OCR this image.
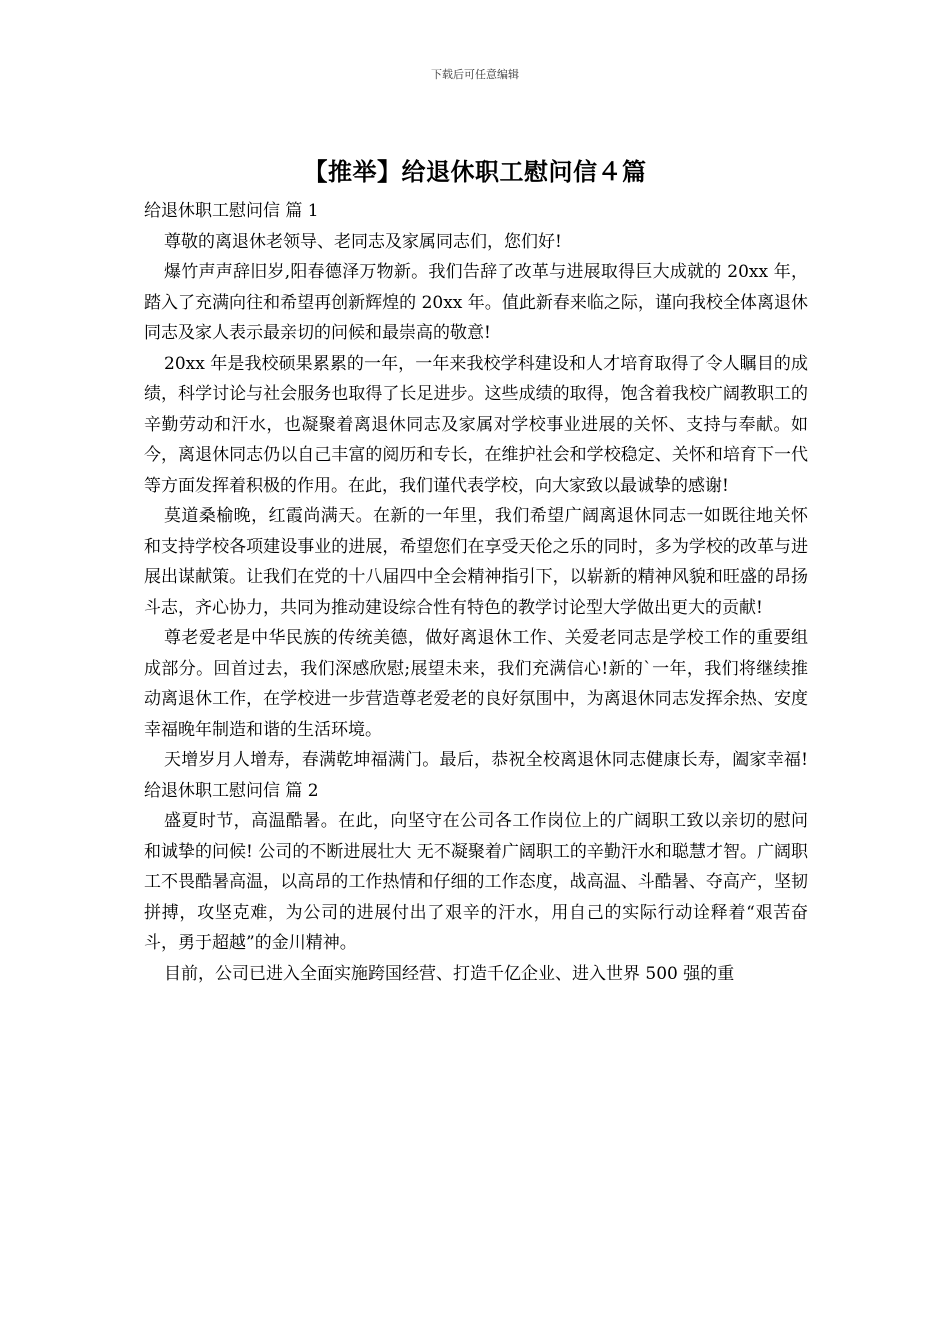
下载后可任意编辑
【推举】给退休职工慰问信４篇

给退休职工慰问信 篇 1

尊敬的离退休老领导、老同志及家属同志们，您们好!

爆竹声声辞旧岁,阳春德泽万物新。我们告辞了改革与进展取得巨大成就的 20xx 年，踏入了充满向往和希望再创新辉煌的 20xx 年。值此新春来临之际，谨向我校全体离退休同志及家人表示最亲切的问候和最崇高的敬意!

20xx 年是我校硕果累累的一年，一年来我校学科建设和人才培育取得了令人瞩目的成绩，科学讨论与社会服务也取得了长足进步。这些成绩的取得，饱含着我校广阔教职工的辛勤劳动和汗水，也凝聚着离退休同志及家属对学校事业进展的关怀、支持与奉献。如今，离退休同志仍以自己丰富的阅历和专长，在维护社会和学校稳定、关怀和培育下一代等方面发挥着积极的作用。在此，我们谨代表学校，向大家致以最诚挚的感谢!

莫道桑榆晚，红霞尚满天。在新的一年里，我们希望广阔离退休同志一如既往地关怀和支持学校各项建设事业的进展，希望您们在享受天伦之乐的同时，多为学校的改革与进展出谋献策。让我们在党的十八届四中全会精神指引下，以崭新的精神风貌和旺盛的昂扬斗志，齐心协力，共同为推动建设综合性有特色的教学讨论型大学做出更大的贡献!

尊老爱老是中华民族的传统美德，做好离退休工作、关爱老同志是学校工作的重要组成部分。回首过去，我们深感欣慰;展望未来，我们充满信心!新的`一年，我们将继续推动离退休工作，在学校进一步营造尊老爱老的良好氛围中，为离退休同志发挥余热、安度幸福晚年制造和谐的生活环境。

天增岁月人增寿，春满乾坤福满门。最后，恭祝全校离退休同志健康长寿，阖家幸福!给退休职工慰问信 篇 2

盛夏时节，高温酷暑。在此，向坚守在公司各工作岗位上的广阔职工致以亲切的慰问和诚挚的问候! 公司的不断进展壮大 无不凝聚着广阔职工的辛勤汗水和聪慧才智。广阔职工不畏酷暑高温，以高昂的工作热情和仔细的工作态度，战高温、斗酷暑、夺高产，坚韧拼搏，攻坚克难，为公司的进展付出了艰辛的汗水，用自己的实际行动诠释着“艰苦奋斗，勇于超越”的金川精神。

目前，公司已进入全面实施跨国经营、打造千亿企业、进入世界 500 强的重
